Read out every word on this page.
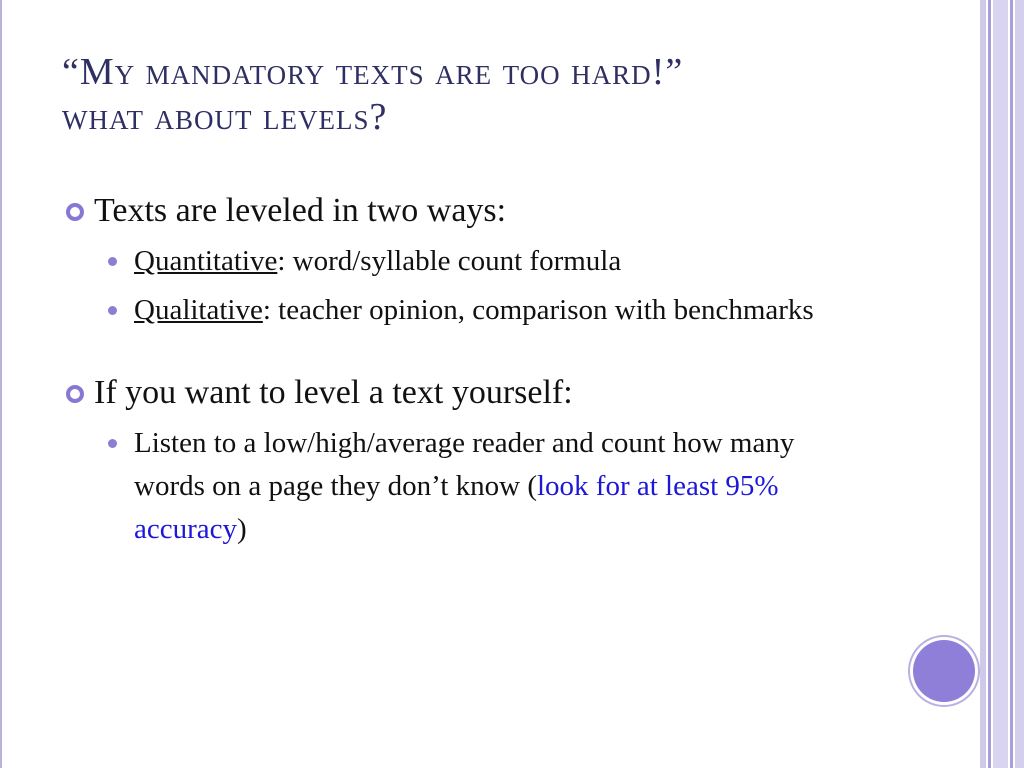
“My mandatory texts are too hard!”
what about levels?
Texts are leveled in two ways:
Quantitative: word/syllable count formula
Qualitative: teacher opinion, comparison with benchmarks
If you want to level a text yourself:
Listen to a low/high/average reader and count how many words on a page they don’t know (look for at least 95% accuracy)
